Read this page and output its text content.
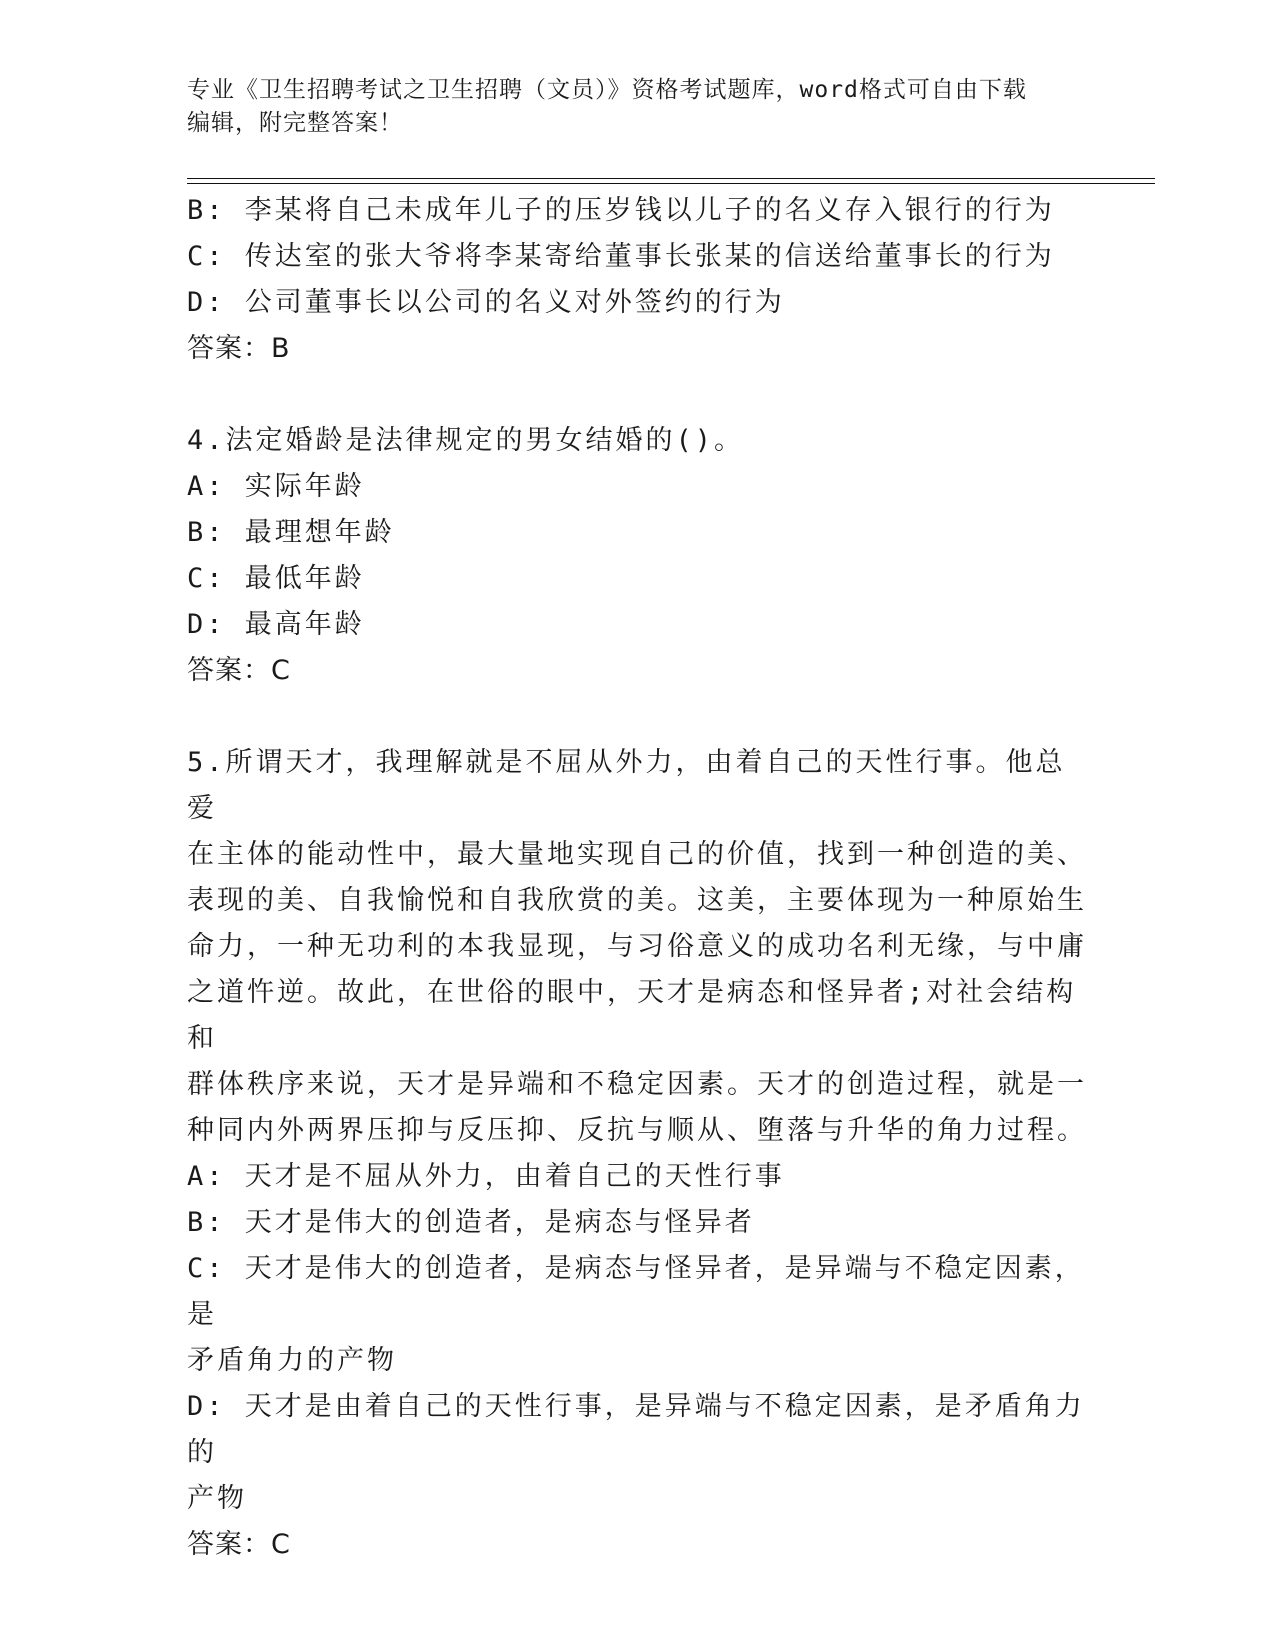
专业《卫生招聘考试之卫生招聘（文员）》资格考试题库，word格式可自由下载
编辑，附完整答案！

B: 李某将自己未成年儿子的压岁钱以儿子的名义存入银行的行为

C: 传达室的张大爷将李某寄给董事长张某的信送给董事长的行为

D: 公司董事长以公司的名义对外签约的行为

答案：B

4.法定婚龄是法律规定的男女结婚的()。

A: 实际年龄

B: 最理想年龄

C: 最低年龄

D: 最高年龄

答案：C

5.所谓天才，我理解就是不屈从外力，由着自己的天性行事。他总爱

在主体的能动性中，最大量地实现自己的价值，找到一种创造的美、

表现的美、自我愉悦和自我欣赏的美。这美，主要体现为一种原始生

命力，一种无功利的本我显现，与习俗意义的成功名利无缘，与中庸

之道忤逆。故此，在世俗的眼中，天才是病态和怪异者;对社会结构和

群体秩序来说，天才是异端和不稳定因素。天才的创造过程，就是一

种同内外两界压抑与反压抑、反抗与顺从、堕落与升华的角力过程。

A: 天才是不屈从外力，由着自己的天性行事

B: 天才是伟大的创造者，是病态与怪异者

C: 天才是伟大的创造者，是病态与怪异者，是异端与不稳定因素，是

矛盾角力的产物

D: 天才是由着自己的天性行事，是异端与不稳定因素，是矛盾角力的

产物

答案：C
